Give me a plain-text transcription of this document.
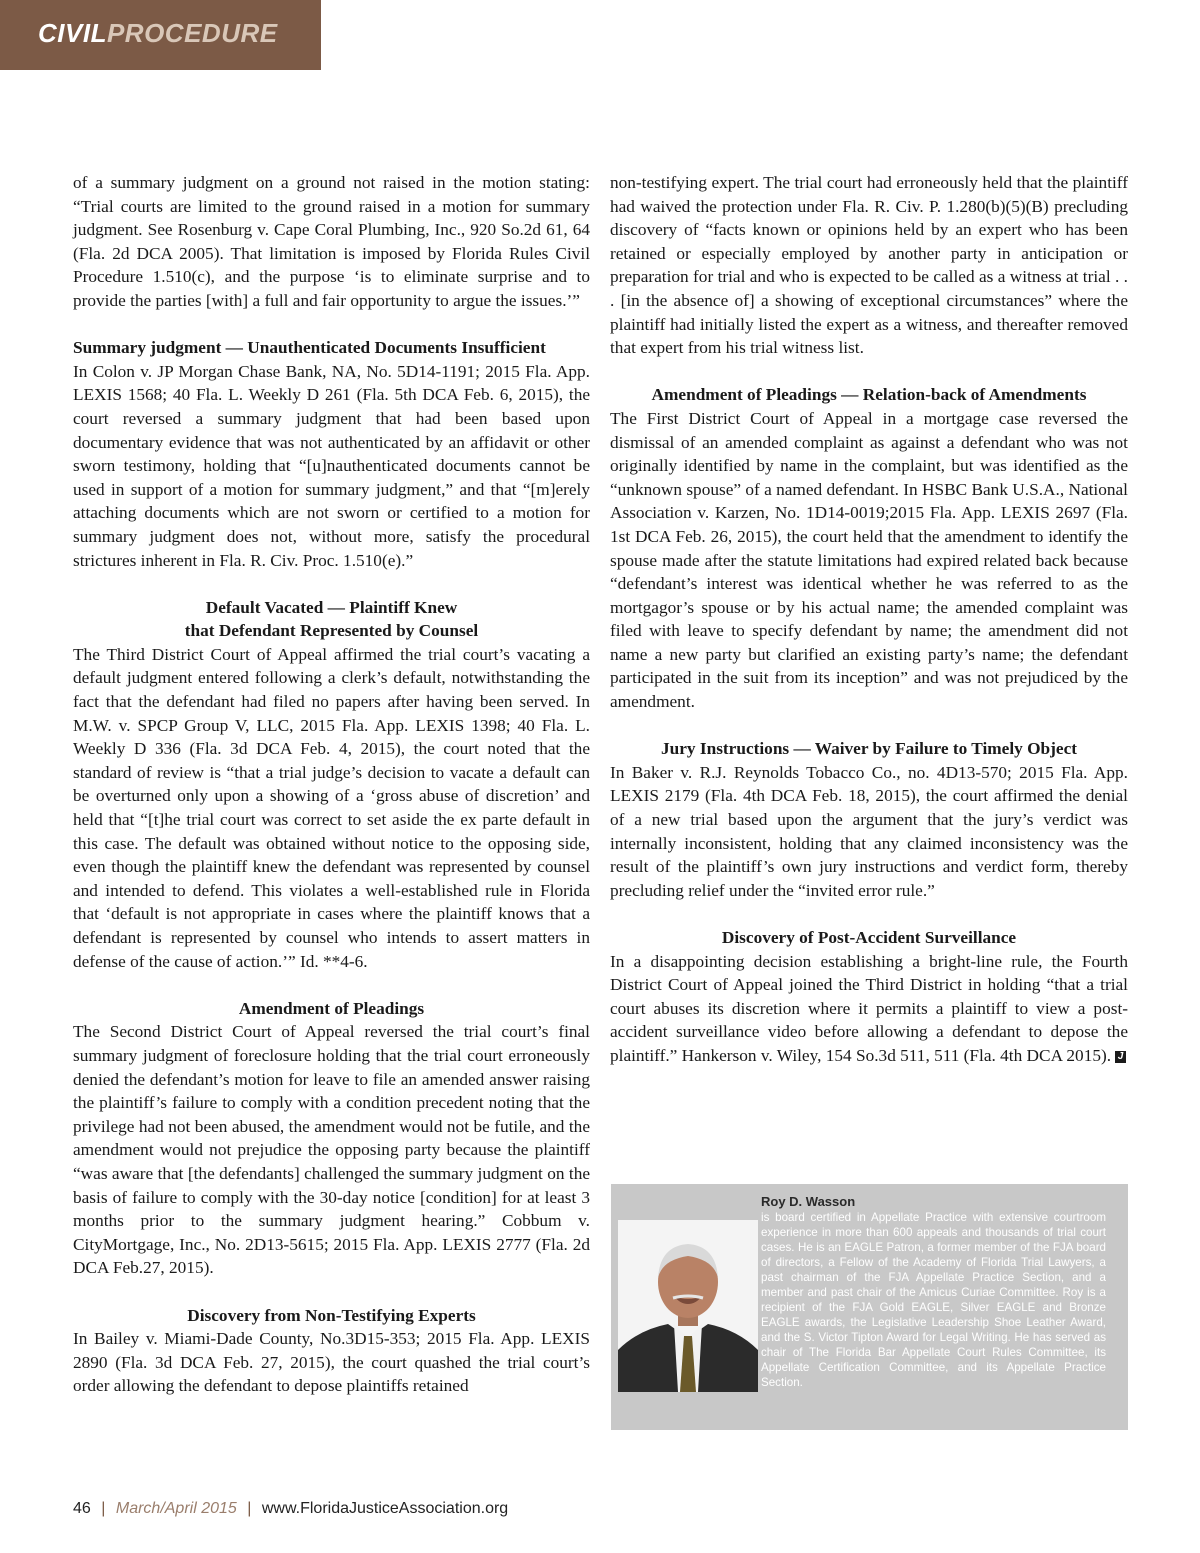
CIVILPROCEDURE

of a summary judgment on a ground not raised in the motion stating: “Trial courts are limited to the ground raised in a motion for summary judgment. See Rosenburg v. Cape Coral Plumbing, Inc., 920 So.2d 61, 64 (Fla. 2d DCA 2005). That limitation is imposed by Florida Rules Civil Procedure 1.510(c), and the purpose ‘is to eliminate surprise and to provide the parties [with] a full and fair opportunity to argue the issues.’”

Summary judgment — Unauthenticated Documents Insufficient

In Colon v. JP Morgan Chase Bank, NA, No. 5D14-1191; 2015 Fla. App. LEXIS 1568; 40 Fla. L. Weekly D 261 (Fla. 5th DCA Feb. 6, 2015), the court reversed a summary judgment that had been based upon documentary evidence that was not authenticated by an affidavit or other sworn testimony, holding that “[u]nauthenticated documents cannot be used in support of a motion for summary judgment,” and that “[m]erely attaching documents which are not sworn or certified to a motion for summary judgment does not, without more, satisfy the procedural strictures inherent in Fla. R. Civ. Proc. 1.510(e).”

Default Vacated — Plaintiff Knew
that Defendant Represented by Counsel

The Third District Court of Appeal affirmed the trial court’s vacating a default judgment entered following a clerk’s default, notwithstanding the fact that the defendant had filed no papers after having been served. In M.W. v. SPCP Group V, LLC, 2015 Fla. App. LEXIS 1398; 40 Fla. L. Weekly D 336 (Fla. 3d DCA Feb. 4, 2015), the court noted that the standard of review is “that a trial judge’s decision to vacate a default can be overturned only upon a showing of a ‘gross abuse of discretion’ and held that “[t]he trial court was correct to set aside the ex parte default in this case. The default was obtained without notice to the opposing side, even though the plaintiff knew the defendant was represented by counsel and intended to defend. This violates a well-established rule in Florida that ‘default is not appropriate in cases where the plaintiff knows that a defendant is represented by counsel who intends to assert matters in defense of the cause of action.’” Id. **4-6.

Amendment of Pleadings

The Second District Court of Appeal reversed the trial court’s final summary judgment of foreclosure holding that the trial court erroneously denied the defendant’s motion for leave to file an amended answer raising the plaintiff’s failure to comply with a condition precedent noting that the privilege had not been abused, the amendment would not be futile, and the amendment would not prejudice the opposing party because the plaintiff “was aware that [the defendants] challenged the summary judgment on the basis of failure to comply with the 30-day notice [condition] for at least 3 months prior to the summary judgment hearing.” Cobbum v. CityMortgage, Inc., No. 2D13-5615; 2015 Fla. App. LEXIS 2777 (Fla. 2d DCA Feb.27, 2015).

Discovery from Non-Testifying Experts

In Bailey v. Miami-Dade County, No.3D15-353; 2015 Fla. App. LEXIS 2890 (Fla. 3d DCA Feb. 27, 2015), the court quashed the trial court’s order allowing the defendant to depose plaintiffs retained

non-testifying expert. The trial court had erroneously held that the plaintiff had waived the protection under Fla. R. Civ. P. 1.280(b)(5)(B) precluding discovery of “facts known or opinions held by an expert who has been retained or especially employed by another party in anticipation or preparation for trial and who is expected to be called as a witness at trial . . . [in the absence of] a showing of exceptional circumstances” where the plaintiff had initially listed the expert as a witness, and thereafter removed that expert from his trial witness list.

Amendment of Pleadings — Relation-back of Amendments

The First District Court of Appeal in a mortgage case reversed the dismissal of an amended complaint as against a defendant who was not originally identified by name in the complaint, but was identified as the “unknown spouse” of a named defendant. In HSBC Bank U.S.A., National Association v. Karzen, No. 1D14-0019;2015 Fla. App. LEXIS 2697 (Fla. 1st DCA Feb. 26, 2015), the court held that the amendment to identify the spouse made after the statute limitations had expired related back because “defendant’s interest was identical whether he was referred to as the mortgagor’s spouse or by his actual name; the amended complaint was filed with leave to specify defendant by name; the amendment did not name a new party but clarified an existing party’s name; the defendant participated in the suit from its inception” and was not prejudiced by the amendment.

Jury Instructions — Waiver by Failure to Timely Object

In Baker v. R.J. Reynolds Tobacco Co., no. 4D13-570; 2015 Fla. App. LEXIS 2179 (Fla. 4th DCA Feb. 18, 2015), the court affirmed the denial of a new trial based upon the argument that the jury’s verdict was internally inconsistent, holding that any claimed inconsistency was the result of the plaintiff’s own jury instructions and verdict form, thereby precluding relief under the “invited error rule.”

Discovery of Post-Accident Surveillance

In a disappointing decision establishing a bright-line rule, the Fourth District Court of Appeal joined the Third District in holding “that a trial court abuses its discretion where it permits a plaintiff to view a post-accident surveillance video before allowing a defendant to depose the plaintiff.” Hankerson v. Wiley, 154 So.3d 511, 511 (Fla. 4th DCA 2015). J

Roy D. Wasson
is board certified in Appellate Practice with extensive courtroom experience in more than 600 appeals and thousands of trial court cases. He is an EAGLE Patron, a former member of the FJA board of directors, a Fellow of the Academy of Florida Trial Lawyers, a past chairman of the FJA Appellate Practice Section, and a member and past chair of the Amicus Curiae Committee. Roy is a recipient of the FJA Gold EAGLE, Silver EAGLE and Bronze EAGLE awards, the Legislative Leadership Shoe Leather Award, and the S. Victor Tipton Award for Legal Writing. He has served as chair of The Florida Bar Appellate Court Rules Committee, its Appellate Certification Committee, and its Appellate Practice Section.
46 | March/April 2015 | www.FloridaJusticeAssociation.org
